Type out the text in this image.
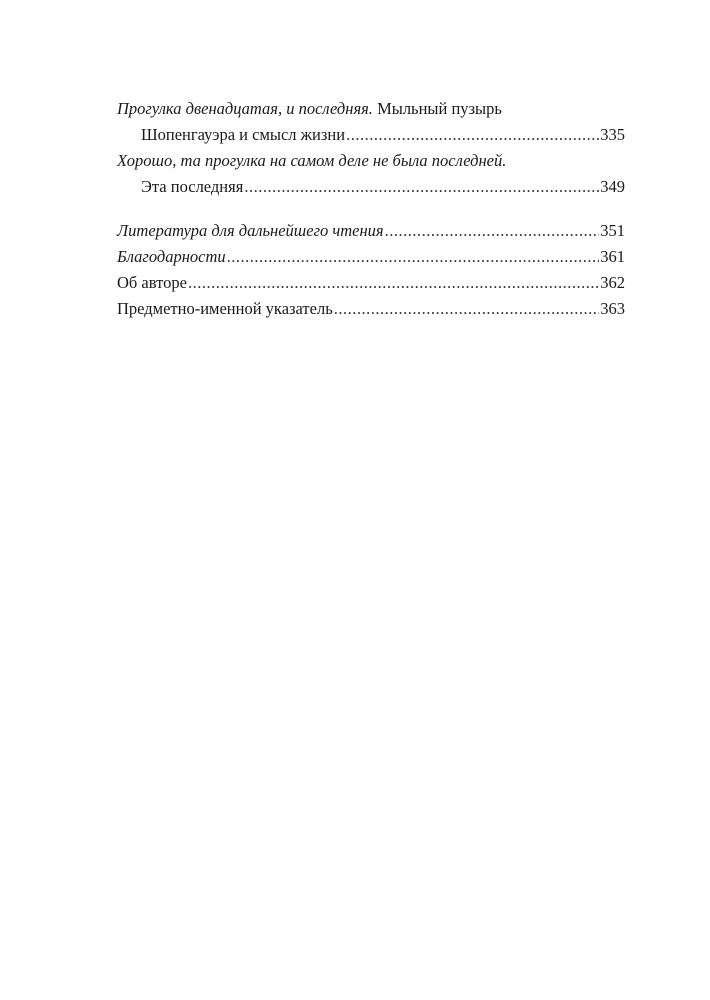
Прогулка двенадцатая, и последняя.
Мыльный пузырь
Шопенгауэра и смысл жизни .....	335
Хорошо, та прогулка на самом деле не была последней.
Эта последняя .....	349
Литература для дальнейшего чтения .....	351
Благодарности .....	361
Об авторе .....	362
Предметно-именной указатель .....	363
